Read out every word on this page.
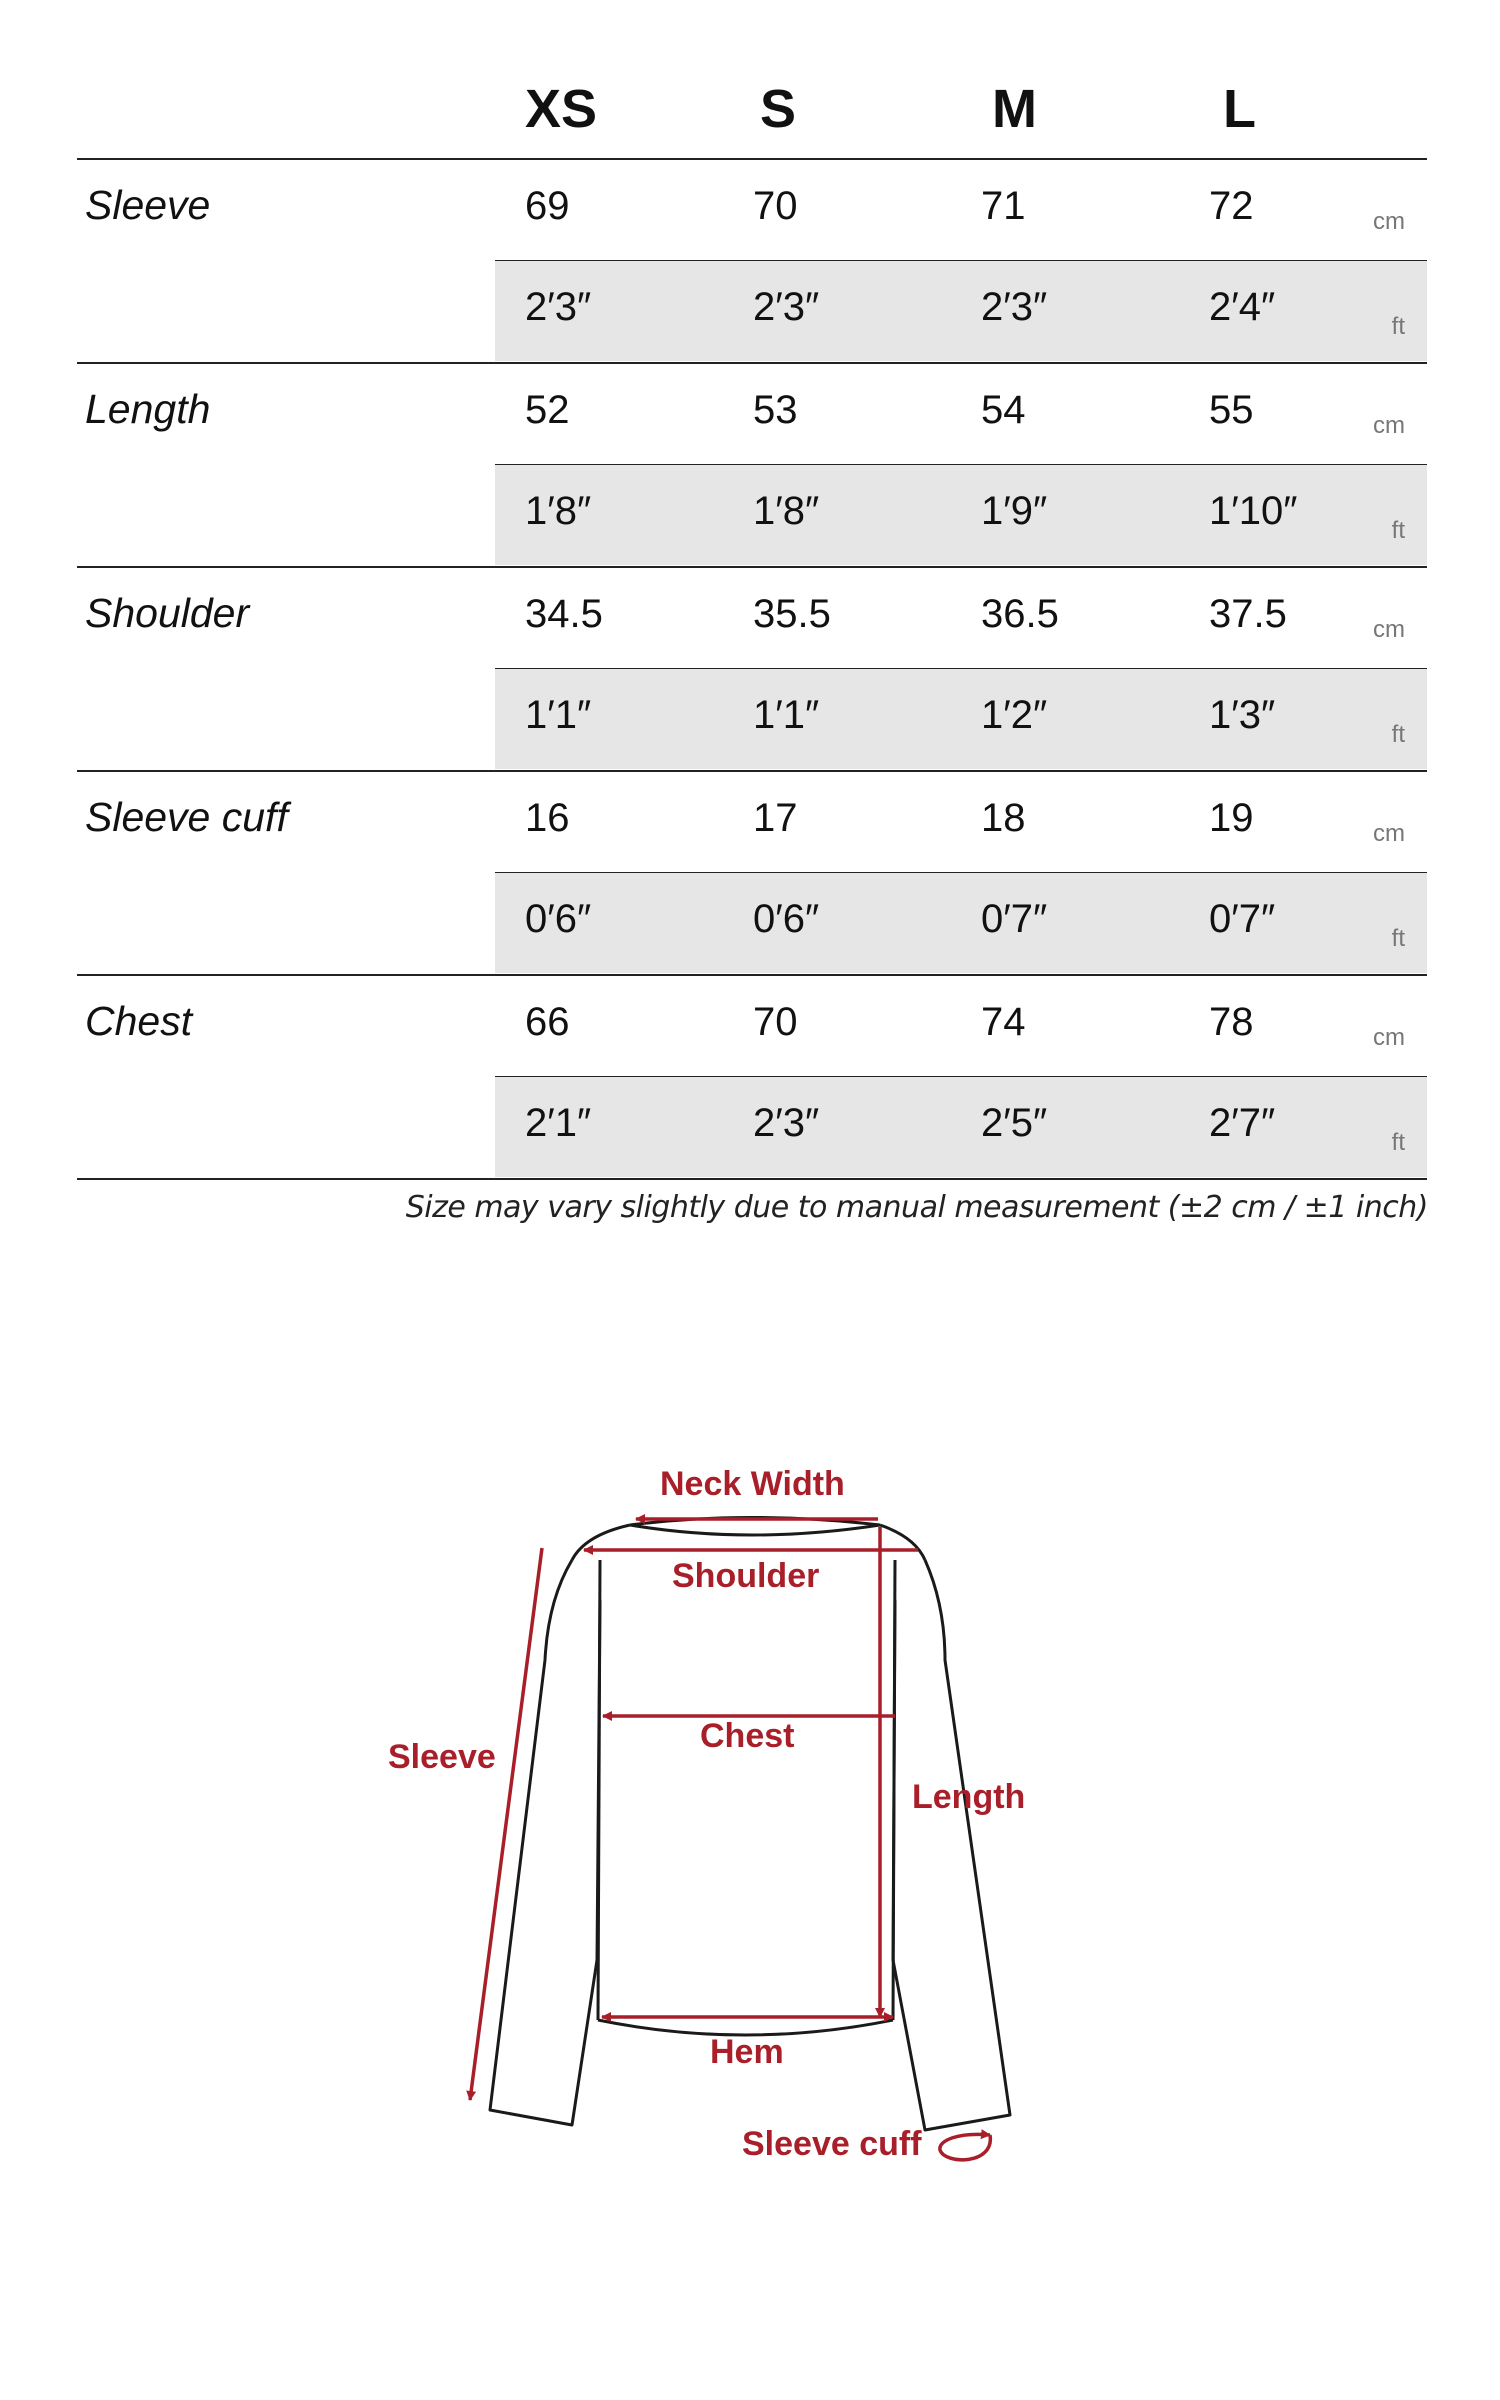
XS	S	M	L
Sleeve	69	70	71	72	cm
2′3″	2′3″	2′3″	2′4″	ft
Length	52	53	54	55	cm
1′8″	1′8″	1′9″	1′10″	ft
Shoulder	34.5	35.5	36.5	37.5	cm
1′1″	1′1″	1′2″	1′3″	ft
Sleeve cuff	16	17	18	19	cm
0′6″	0′6″	0′7″	0′7″	ft
Chest	66	70	74	78	cm
2′1″	2′3″	2′5″	2′7″	ft
Size may vary slightly due to manual measurement (±2 cm / ±1 inch)
Neck Width
Shoulder
Chest
Sleeve
Length
Hem
Sleeve cuff
